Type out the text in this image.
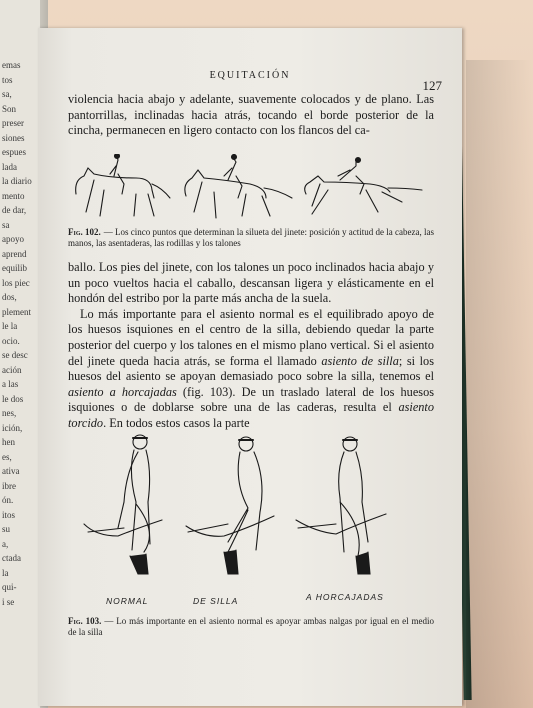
emas
tos
sa,
Son
preser
siones
espues
lada
la diario
mento
de dar,
sa
apoyo
aprend
equilib
los piec
dos,
plement
le la
ocio.
se desc
ación
a las
le dos
nes,
ición,
hen
es,
ativa
ibre
ón.
itos
su
a,
ctada
la
qui-
i se
EQUITACIÓN
127

violencia hacia abajo y adelante, suavemente colocados y de plano. Las pantorrillas, inclinadas hacia atrás, tocando el borde posterior de la cincha, permanecen en ligero contacto con los flancos del ca-

Fig. 102. — Los cinco puntos que determinan la silueta del jinete: posición y actitud de la cabeza, las manos, las asentaderas, las rodillas y los talones

ballo. Los pies del jinete, con los talones un poco inclinados hacia abajo y un poco vueltos hacia el caballo, descansan ligera y elásticamente en el hondón del estribo por la parte más ancha de la suela.

Lo más importante para el asiento normal es el equilibrado apoyo de los huesos isquiones en el centro de la silla, debiendo quedar la parte posterior del cuerpo y los talones en el mismo plano vertical. Si el asiento del jinete queda hacia atrás, se forma el llamado asiento de silla; si los huesos del asiento se apoyan demasiado poco sobre la silla, tenemos el asiento a horcajadas (fig. 103). De un traslado lateral de los huesos isquiones o de doblarse sobre una de las caderas, resulta el asiento torcido. En todos estos casos la parte

NORMAL	DE SILLA	A HORCAJADAS
Fig. 103. — Lo más importante en el asiento normal es apoyar ambas nalgas por igual en el medio de la silla
